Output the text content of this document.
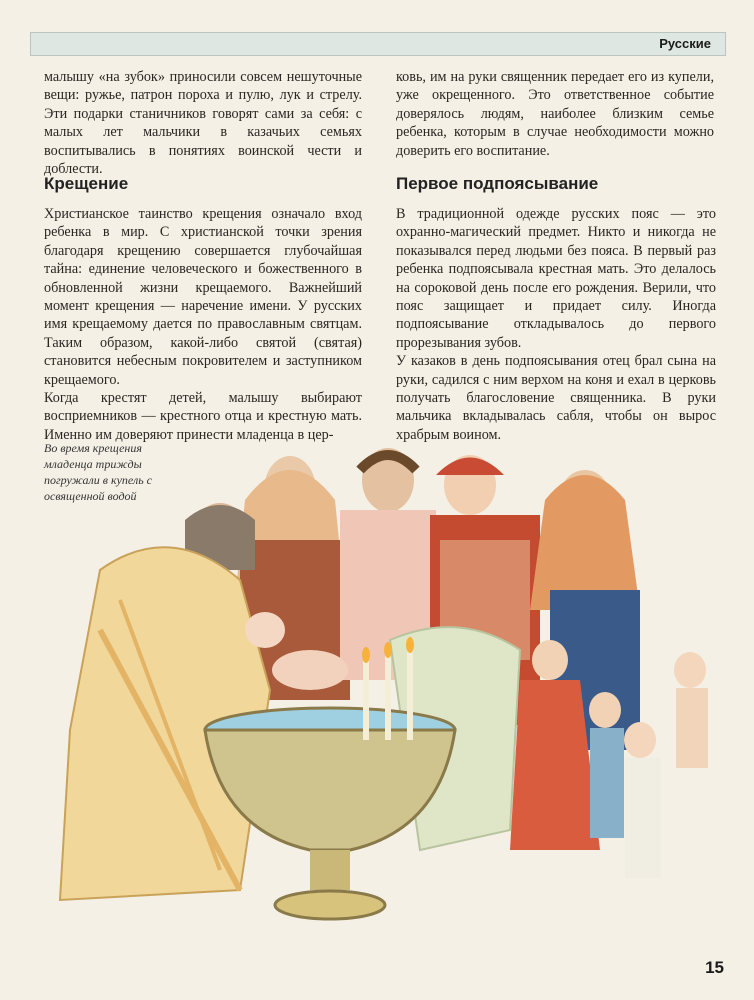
Русские

малышу «на зубок» приносили совсем нешуточные вещи: ружье, патрон пороха и пулю, лук и стрелу. Эти подарки станичников говорят сами за себя: с малых лет мальчики в казачьих семьях воспитывались в понятиях воинской чести и доблести.

ковь, им на руки священник передает его из купели, уже окрещенного. Это ответственное событие доверялось людям, наиболее близким семье ребенка, которым в случае необходимости можно доверить его воспитание.

Крещение	Первое подпоясывание

Христианское таинство крещения означало вход ребенка в мир. С христианской точки зрения благодаря крещению совершается глубочайшая тайна: единение человеческого и божественного в обновленной жизни крещаемого. Важнейший момент крещения — наречение имени. У русских имя крещаемому дается по православным святцам. Таким образом, какой-либо святой (святая) становится небесным покровителем и заступником крещаемого.

Когда крестят детей, малышу выбирают восприемников — крестного отца и крестную мать. Именно им доверяют принести младенца в цер-

В традиционной одежде русских пояс — это охранно-магический предмет. Никто и никогда не показывался перед людьми без пояса. В первый раз ребенка подпоясывала крестная мать. Это делалось на сороковой день после его рождения. Верили, что пояс защищает и придает силу. Иногда подпоясывание откладывалось до первого прорезывания зубов.

У казаков в день подпоясывания отец брал сына на руки, садился с ним верхом на коня и ехал в церковь получать благословение священника. В руки мальчика вкладывалась сабля, чтобы он вырос храбрым воином.

Во время крещения младенца трижды погружали в купель с освященной водой
15
